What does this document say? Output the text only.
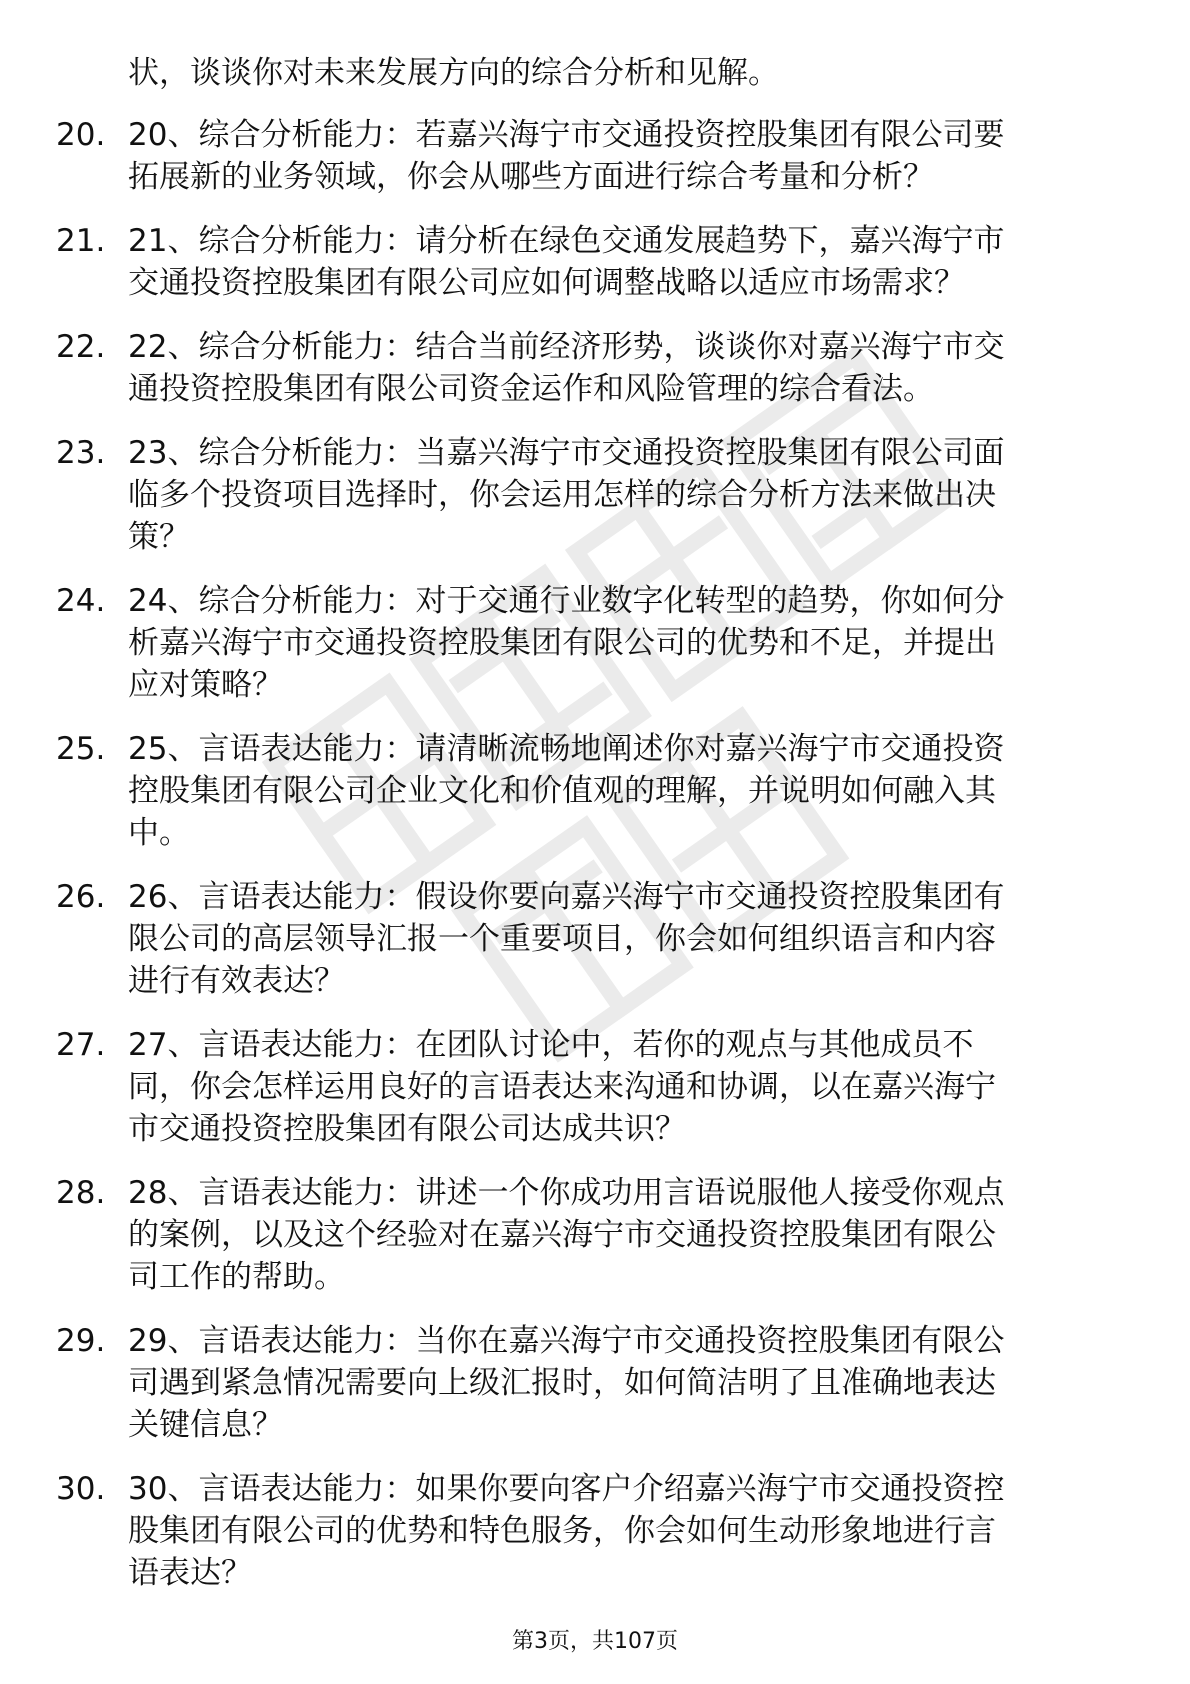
状，谈谈你对未来发展方向的综合分析和见解。
20. 20、综合分析能力：若嘉兴海宁市交通投资控股集团有限公司要
拓展新的业务领域，你会从哪些方面进行综合考量和分析？
21. 21、综合分析能力：请分析在绿色交通发展趋势下，嘉兴海宁市
交通投资控股集团有限公司应如何调整战略以适应市场需求？
22. 22、综合分析能力：结合当前经济形势，谈谈你对嘉兴海宁市交
通投资控股集团有限公司资金运作和风险管理的综合看法。
23. 23、综合分析能力：当嘉兴海宁市交通投资控股集团有限公司面
临多个投资项目选择时，你会运用怎样的综合分析方法来做出决
策？
24. 24、综合分析能力：对于交通行业数字化转型的趋势，你如何分
析嘉兴海宁市交通投资控股集团有限公司的优势和不足，并提出
应对策略？
25. 25、言语表达能力：请清晰流畅地阐述你对嘉兴海宁市交通投资
控股集团有限公司企业文化和价值观的理解，并说明如何融入其
中。
26. 26、言语表达能力：假设你要向嘉兴海宁市交通投资控股集团有
限公司的高层领导汇报一个重要项目，你会如何组织语言和内容
进行有效表达？
27. 27、言语表达能力：在团队讨论中，若你的观点与其他成员不
同，你会怎样运用良好的言语表达来沟通和协调，以在嘉兴海宁
市交通投资控股集团有限公司达成共识？
28. 28、言语表达能力：讲述一个你成功用言语说服他人接受你观点
的案例，以及这个经验对在嘉兴海宁市交通投资控股集团有限公
司工作的帮助。
29. 29、言语表达能力：当你在嘉兴海宁市交通投资控股集团有限公
司遇到紧急情况需要向上级汇报时，如何简洁明了且准确地表达
关键信息？
30. 30、言语表达能力：如果你要向客户介绍嘉兴海宁市交通投资控
股集团有限公司的优势和特色服务，你会如何生动形象地进行言
语表达？
第3页，共107页
